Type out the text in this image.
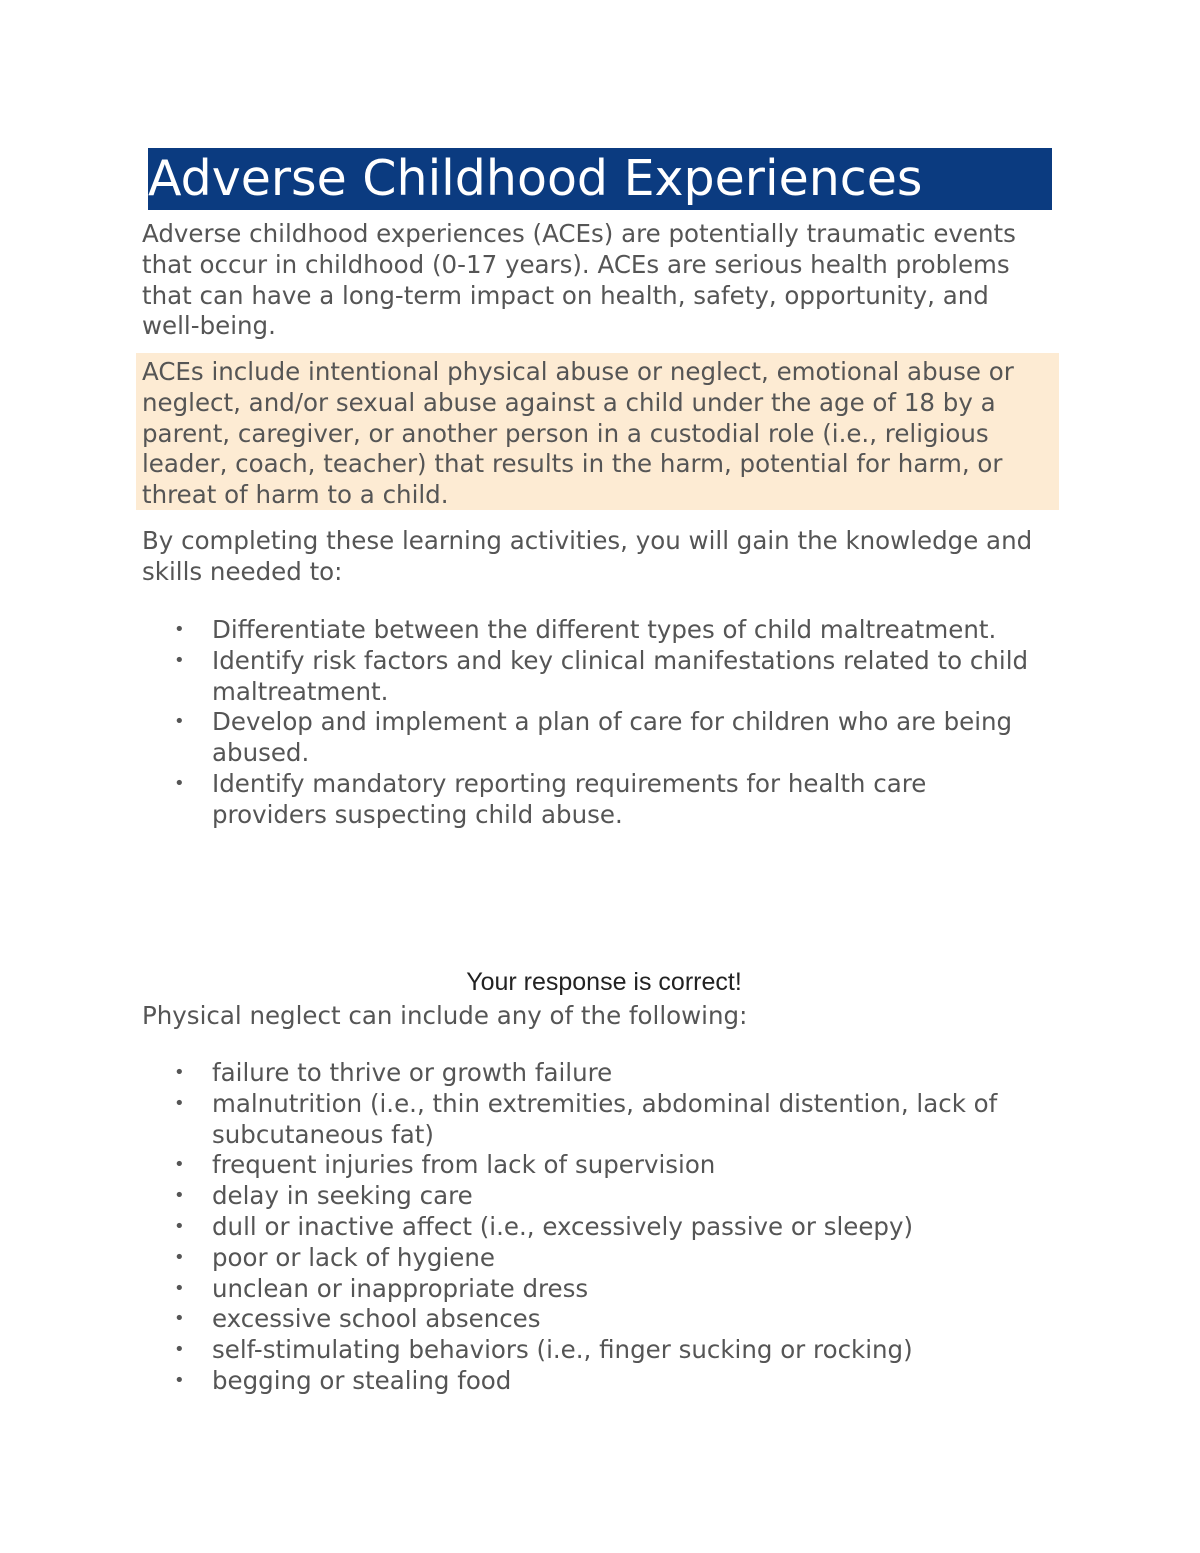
Adverse Childhood Experiences

Adverse childhood experiences (ACEs) are potentially traumatic events that occur in childhood (0-17 years). ACEs are serious health problems that can have a long-term impact on health, safety, opportunity, and well-being.

ACEs include intentional physical abuse or neglect, emotional abuse or neglect, and/or sexual abuse against a child under the age of 18 by a parent, caregiver, or another person in a custodial role (i.e., religious leader, coach, teacher) that results in the harm, potential for harm, or threat of harm to a child.

By completing these learning activities, you will gain the knowledge and skills needed to:

• Differentiate between the different types of child maltreatment.
• Identify risk factors and key clinical manifestations related to child maltreatment.
• Develop and implement a plan of care for children who are being abused.
• Identify mandatory reporting requirements for health care providers suspecting child abuse.
Your response is correct!

Physical neglect can include any of the following:

• failure to thrive or growth failure
• malnutrition (i.e., thin extremities, abdominal distention, lack of subcutaneous fat)
• frequent injuries from lack of supervision
• delay in seeking care
• dull or inactive affect (i.e., excessively passive or sleepy)
• poor or lack of hygiene
• unclean or inappropriate dress
• excessive school absences
• self-stimulating behaviors (i.e., finger sucking or rocking)
• begging or stealing food
